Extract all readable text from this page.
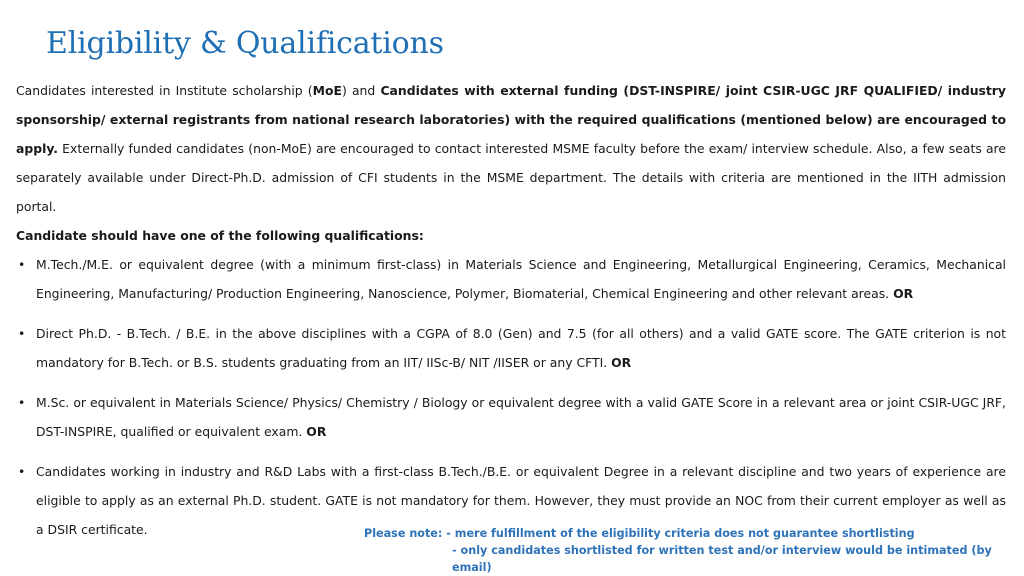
Eligibility & Qualifications

Candidates interested in Institute scholarship (MoE) and Candidates with external funding (DST-INSPIRE/ joint CSIR-UGC JRF QUALIFIED/ industry sponsorship/ external registrants from national research laboratories) with the required qualifications (mentioned below) are encouraged to apply. Externally funded candidates (non-MoE) are encouraged to contact interested MSME faculty before the exam/ interview schedule. Also, a few seats are separately available under Direct-Ph.D. admission of CFI students in the MSME department. The details with criteria are mentioned in the IITH admission portal.

Candidate should have one of the following qualifications:

• M.Tech./M.E. or equivalent degree (with a minimum first-class) in Materials Science and Engineering, Metallurgical Engineering, Ceramics, Mechanical Engineering, Manufacturing/ Production Engineering, Nanoscience, Polymer, Biomaterial, Chemical Engineering and other relevant areas. OR
• Direct Ph.D. - B.Tech. / B.E. in the above disciplines with a CGPA of 8.0 (Gen) and 7.5 (for all others) and a valid GATE score. The GATE criterion is not mandatory for B.Tech. or B.S. students graduating from an IIT/ IISc-B/ NIT /IISER or any CFTI. OR
• M.Sc. or equivalent in Materials Science/ Physics/ Chemistry / Biology or equivalent degree with a valid GATE Score in a relevant area or joint CSIR-UGC JRF, DST-INSPIRE, qualified or equivalent exam. OR
• Candidates working in industry and R&D Labs with a first-class B.Tech./B.E. or equivalent Degree in a relevant discipline and two years of experience are eligible to apply as an external Ph.D. student. GATE is not mandatory for them. However, they must provide an NOC from their current employer as well as a DSIR certificate.	Please note: - mere fulfillment of the eligibility criteria does not guarantee shortlisting
- only candidates shortlisted for written test and/or interview would be intimated (by email)
